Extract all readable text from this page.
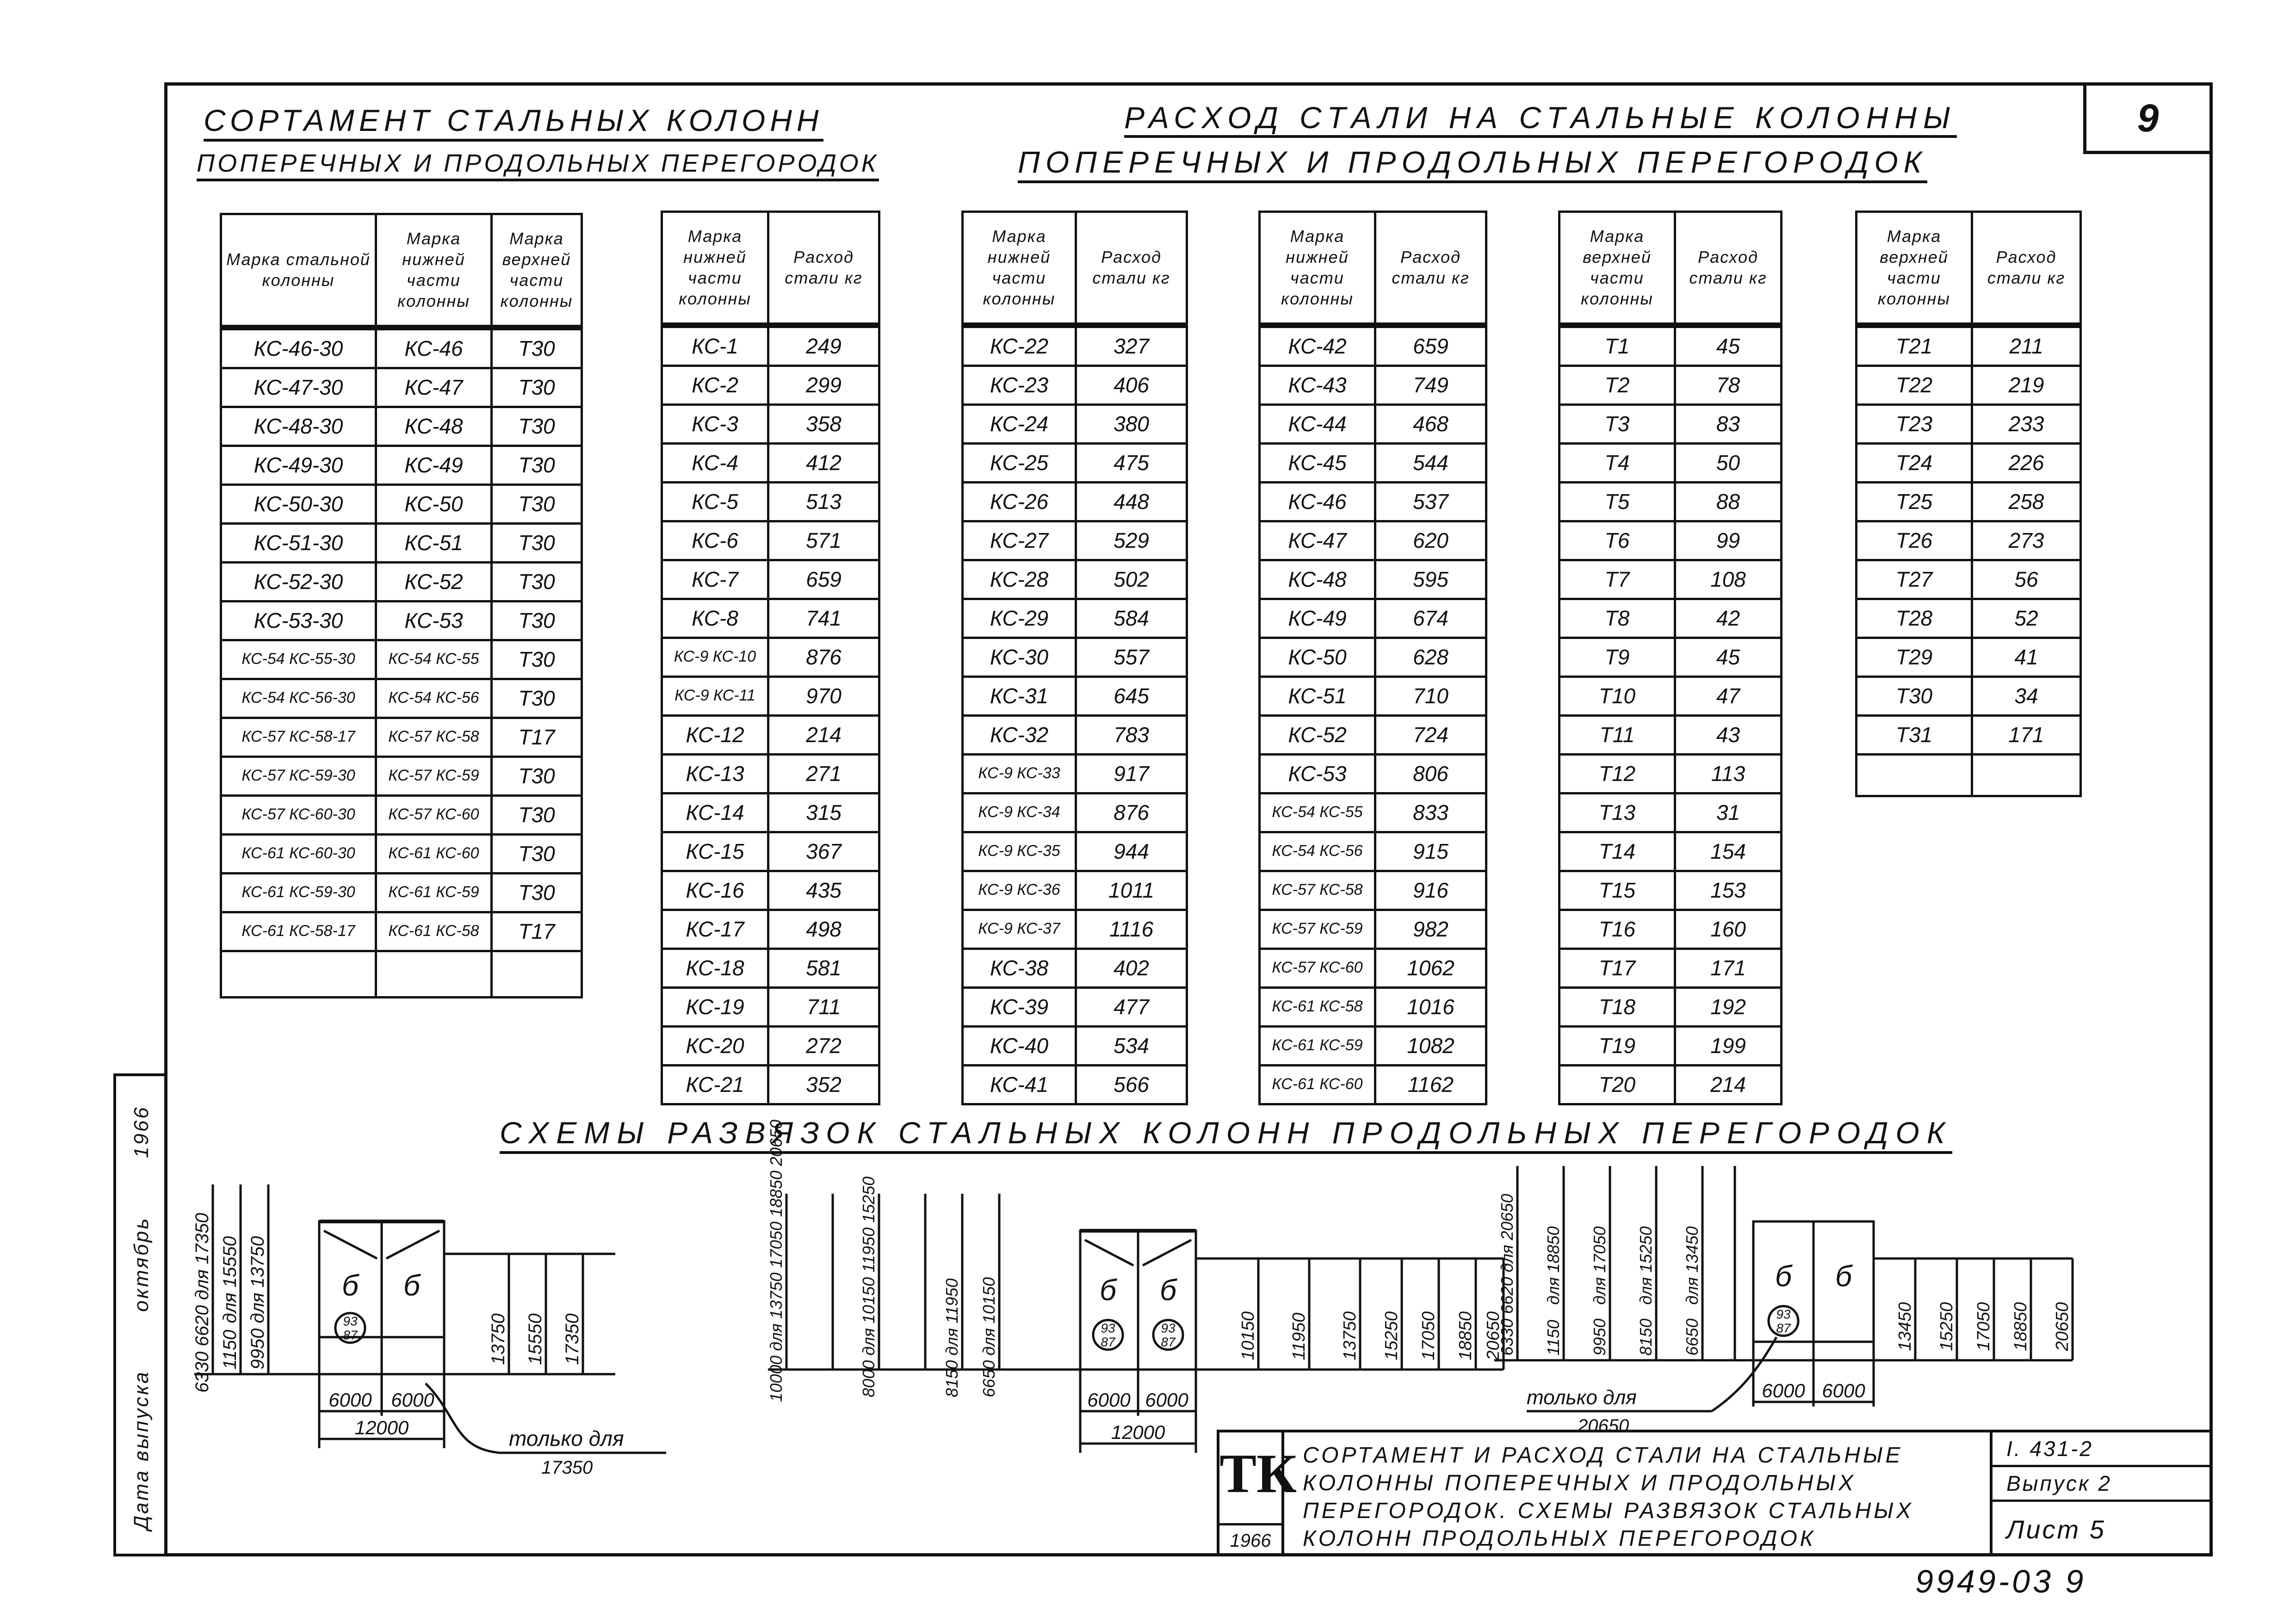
9
Дата выпуска
октябрь
1966
СОРТАМЕНТ СТАЛЬНЫХ КОЛОНН
ПОПЕРЕЧНЫХ И ПРОДОЛЬНЫХ ПЕРЕГОРОДОК
РАСХОД СТАЛИ НА СТАЛЬНЫЕ КОЛОННЫ
ПОПЕРЕЧНЫХ И ПРОДОЛЬНЫХ ПЕРЕГОРОДОК
Марка стальной колонны	Марка нижней части колонны	Марка верхней части колонны
КС-46-30	КС-46	Т30
КС-47-30	КС-47	Т30
КС-48-30	КС-48	Т30
КС-49-30	КС-49	Т30
КС-50-30	КС-50	Т30
КС-51-30	КС-51	Т30
КС-52-30	КС-52	Т30
КС-53-30	КС-53	Т30
КС-54 КС-55-30	КС-54 КС-55	Т30
КС-54 КС-56-30	КС-54 КС-56	Т30
КС-57 КС-58-17	КС-57 КС-58	Т17
КС-57 КС-59-30	КС-57 КС-59	Т30
КС-57 КС-60-30	КС-57 КС-60	Т30
КС-61 КС-60-30	КС-61 КС-60	Т30
КС-61 КС-59-30	КС-61 КС-59	Т30
КС-61 КС-58-17	КС-61 КС-58	Т17

Марка нижней части колонны	Расход стали кг
КС-1	249
КС-2	299
КС-3	358
КС-4	412
КС-5	513
КС-6	571
КС-7	659
КС-8	741
КС-9 КС-10	876
КС-9 КС-11	970
КС-12	214
КС-13	271
КС-14	315
КС-15	367
КС-16	435
КС-17	498
КС-18	581
КС-19	711
КС-20	272
КС-21	352
Марка нижней части колонны	Расход стали кг
КС-22	327
КС-23	406
КС-24	380
КС-25	475
КС-26	448
КС-27	529
КС-28	502
КС-29	584
КС-30	557
КС-31	645
КС-32	783
КС-9 КС-33	917
КС-9 КС-34	876
КС-9 КС-35	944
КС-9 КС-36	1011
КС-9 КС-37	1116
КС-38	402
КС-39	477
КС-40	534
КС-41	566
Марка нижней части колонны	Расход стали кг
КС-42	659
КС-43	749
КС-44	468
КС-45	544
КС-46	537
КС-47	620
КС-48	595
КС-49	674
КС-50	628
КС-51	710
КС-52	724
КС-53	806
КС-54 КС-55	833
КС-54 КС-56	915
КС-57 КС-58	916
КС-57 КС-59	982
КС-57 КС-60	1062
КС-61 КС-58	1016
КС-61 КС-59	1082
КС-61 КС-60	1162
Марка верхней части колонны	Расход стали кг
Т1	45
Т2	78
Т3	83
Т4	50
Т5	88
Т6	99
Т7	108
Т8	42
Т9	45
Т10	47
Т11	43
Т12	113
Т13	31
Т14	154
Т15	153
Т16	160
Т17	171
Т18	192
Т19	199
Т20	214
Марка верхней части колонны	Расход стали кг
Т21	211
Т22	219
Т23	233
Т24	226
Т25	258
Т26	273
Т27	56
Т28	52
Т29	41
Т30	34
Т31	171

СХЕМЫ РАЗВЯЗОК СТАЛЬНЫХ КОЛОНН ПРОДОЛЬНЫХ ПЕРЕГОРОДОК
б б
93
87
6000 6000
12000	только для
17350
6330 6620 для 17350 для 15550 для 13750
1150 9950	13750 15550 17350
б б
93
87
93
87
6000 6000
12000
10000 для 13750 17050 18850 20650	8000 для 10150 11950 15250	8150 для 11950 6650 для 10150	10150 11950 13750 15250 17050 18850 20650
б б
93
87
6000 6000
только для
20650
6330 6620 для 20650 для 18850 для 17050 для 15250 для 13450
1150 9950 8150 6650	13450 15250 17050 18850 20650
ТК
1966
СОРТАМЕНТ И РАСХОД СТАЛИ НА СТАЛЬНЫЕ КОЛОННЫ ПОПЕРЕЧНЫХ И ПРОДОЛЬНЫХ ПЕРЕГОРОДОК. СХЕМЫ РАЗВЯЗОК СТАЛЬНЫХ КОЛОНН ПРОДОЛЬНЫХ ПЕРЕГОРОДОК
I. 431-2
Выпуск 2
Лист 5
9949-03 9
